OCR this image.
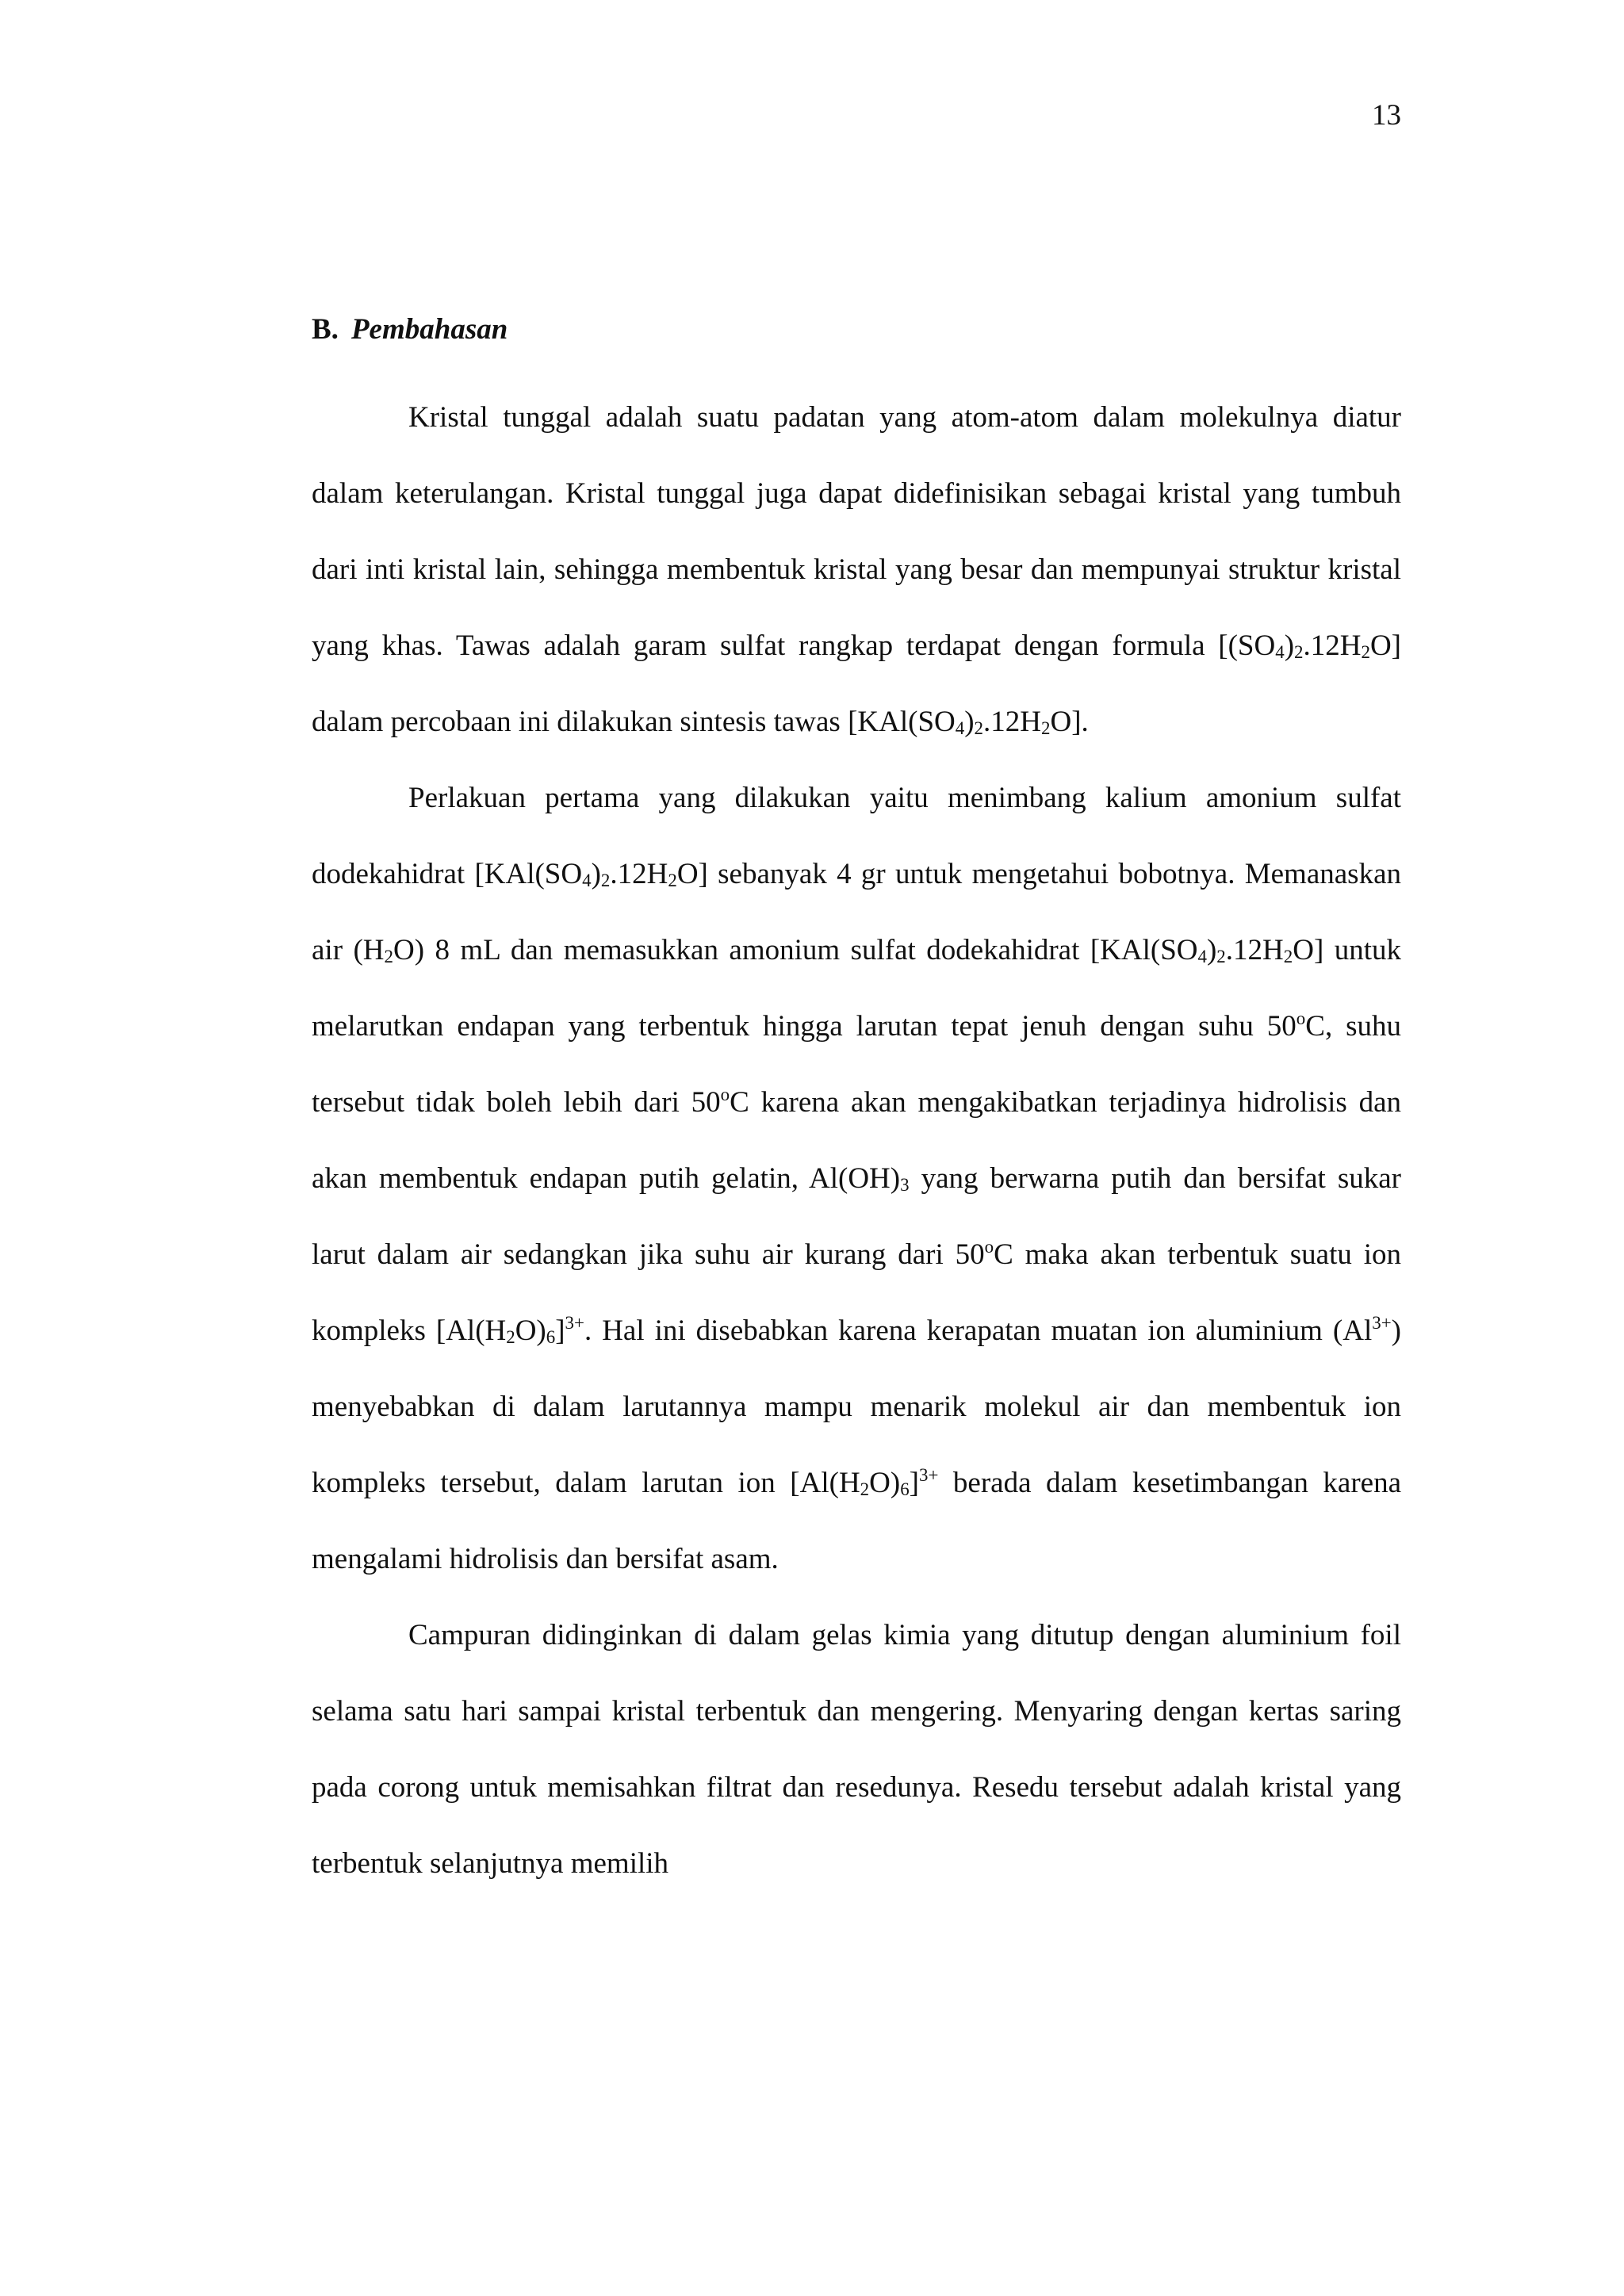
13
B. Pembahasan

Kristal tunggal adalah suatu padatan yang atom-atom dalam molekulnya diatur dalam keterulangan. Kristal tunggal juga dapat didefinisikan sebagai kristal yang tumbuh dari inti kristal lain, sehingga membentuk kristal yang besar dan mempunyai struktur kristal yang khas. Tawas adalah garam sulfat rangkap terdapat dengan formula $[(SO_4)_2.12H_2O]$ dalam percobaan ini dilakukan sintesis tawas $[KAl(SO_4)_2.12H_2O]$.

Perlakuan pertama yang dilakukan yaitu menimbang kalium amonium sulfat dodekahidrat $[KAl(SO_4)_2.12H_2O]$ sebanyak 4 gr untuk mengetahui bobotnya. Memanaskan air $(H_2O)$ 8 mL dan memasukkan amonium sulfat dodekahidrat $[KAl(SO_4)_2.12H_2O]$ untuk melarutkan endapan yang terbentuk hingga larutan tepat jenuh dengan suhu 50$^o$C, suhu tersebut tidak boleh lebih dari 50$^o$C karena akan mengakibatkan terjadinya hidrolisis dan akan membentuk endapan putih gelatin, $Al(OH)_3$ yang berwarna putih dan bersifat sukar larut dalam air sedangkan jika suhu air kurang dari 50$^o$C maka akan terbentuk suatu ion kompleks $[Al(H_2O)_6]^{3+}$. Hal ini disebabkan karena kerapatan muatan ion aluminium $(Al^{3+})$ menyebabkan di dalam larutannya mampu menarik molekul air dan membentuk ion kompleks tersebut, dalam larutan ion $[Al(H_2O)_6]^{3+}$ berada dalam kesetimbangan karena mengalami hidrolisis dan bersifat asam.

Campuran didinginkan di dalam gelas kimia yang ditutup dengan aluminium foil selama satu hari sampai kristal terbentuk dan mengering. Menyaring dengan kertas saring pada corong untuk memisahkan filtrat dan resedunya. Resedu tersebut adalah kristal yang terbentuk selanjutnya memilih
